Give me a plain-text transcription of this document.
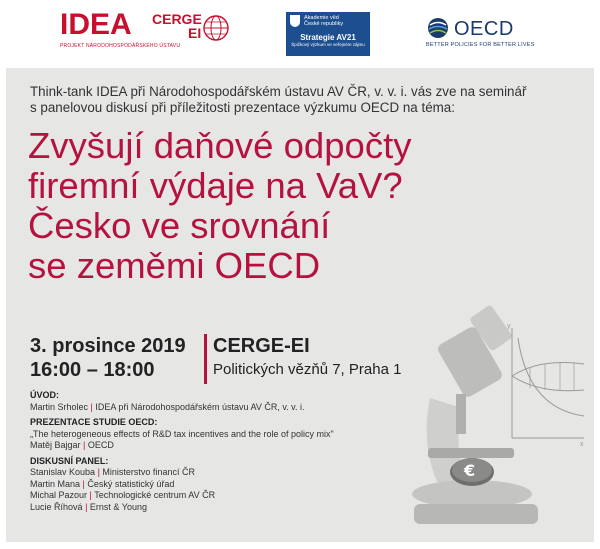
IDEA CERGE
EI
PROJEKT NÁRODOHOSPODÁŘSKÉHO ÚSTAVU
Akademie věd
České republiky
Strategie AV21
Špičkový výzkum ve veřejném zájmu
OECD
BETTER POLICIES FOR BETTER LIVES
Think-tank IDEA při Národohospodářském ústavu AV ČR, v. v. i. vás zve na seminář
s panelovou diskusí při příležitosti prezentace výzkumu OECD na téma:
Zvyšují daňové odpočty
firemní výdaje na VaV?
Česko ve srovnání
se zeměmi OECD
3. prosince 2019
16:00 – 18:00
CERGE-EI
Politických vězňů 7, Praha 1
ÚVOD:
Martin Srholec | IDEA při Národohospodářském ústavu AV ČR, v. v. i.
PREZENTACE STUDIE OECD:
„The heterogeneous effects of R&D tax incentives and the role of policy mix"
Matěj Bajgar | OECD
DISKUSNÍ PANEL:
Stanislav Kouba | Ministerstvo financí ČR
Martin Mana | Český statistický úřad
Michal Pazour | Technologické centrum AV ČR
Lucie Říhová | Ernst & Young
y
x
€
